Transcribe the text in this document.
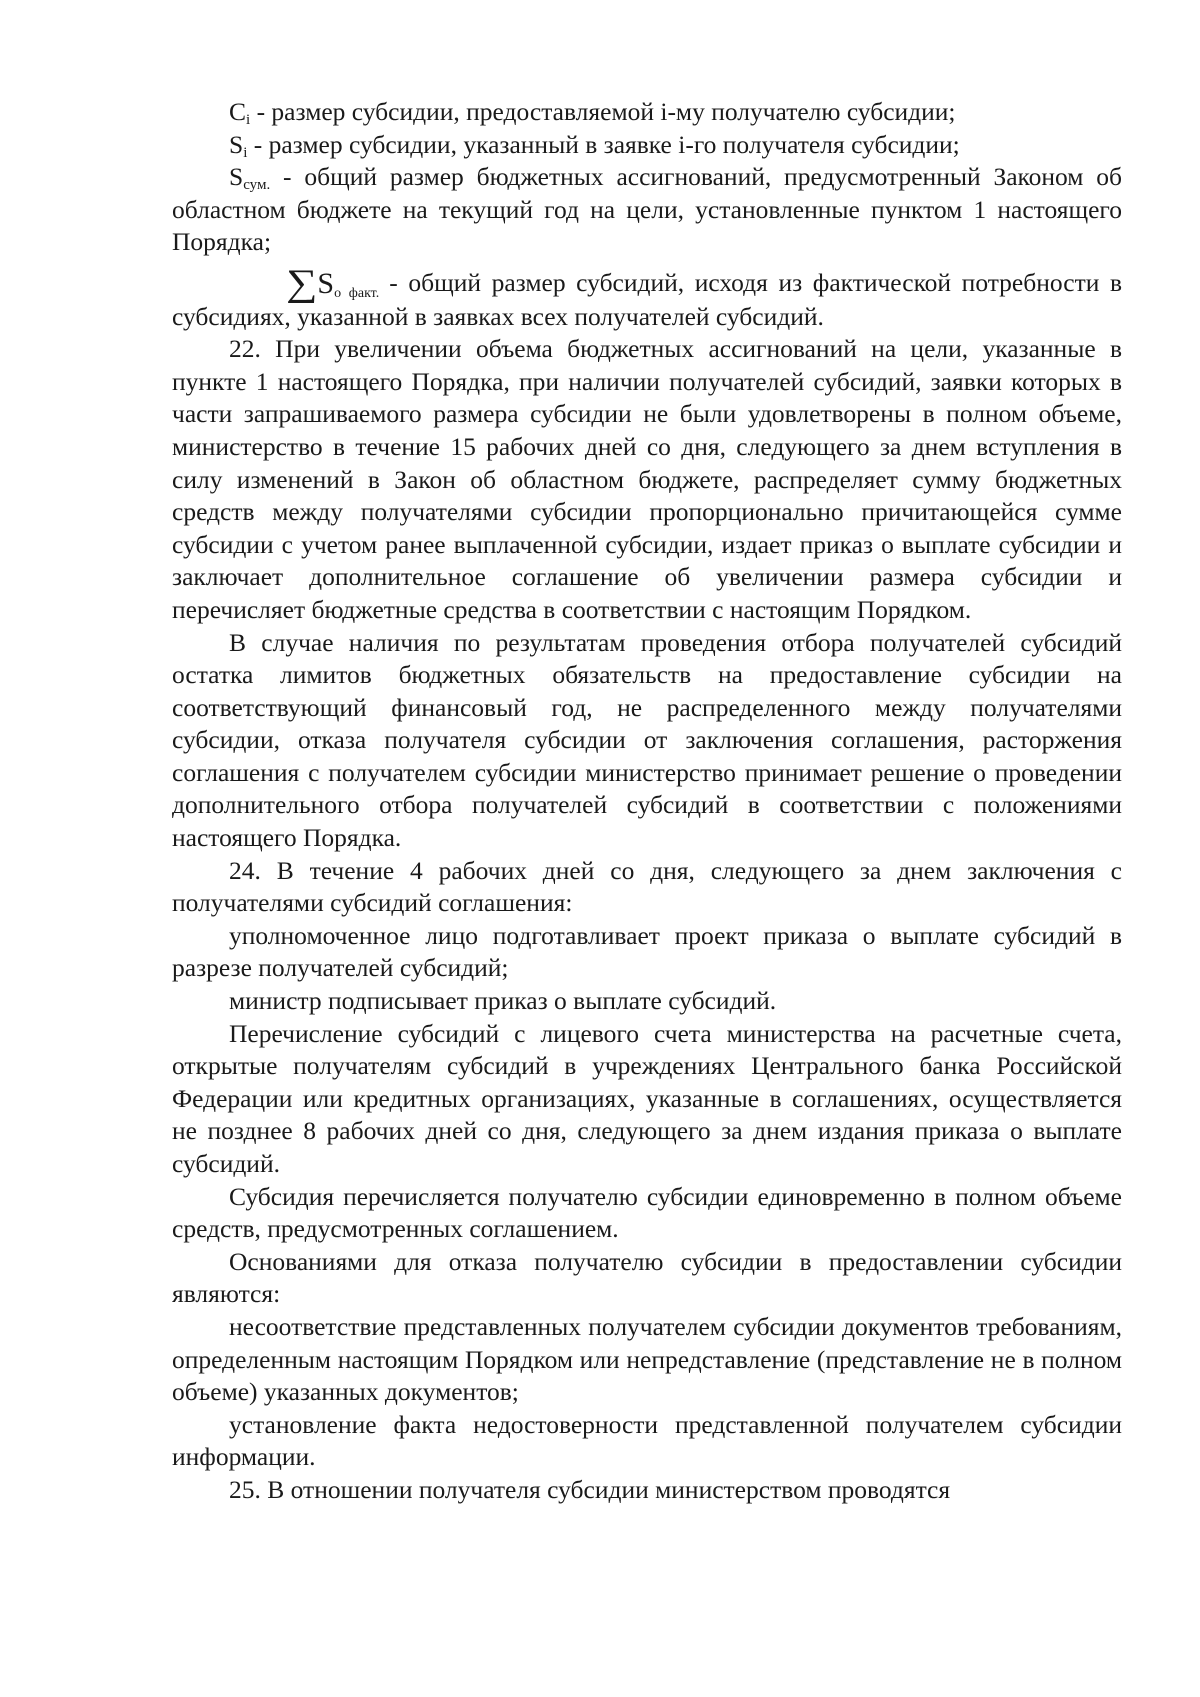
$C_i$ - размер субсидии, предоставляемой i-му получателю субсидии;

$S_i$ - размер субсидии, указанный в заявке i-го получателя субсидии;

$S_{сум.}$ - общий размер бюджетных ассигнований, предусмотренный Законом об областном бюджете на текущий год на цели, установленные пунктом 1 настоящего Порядка;

$\sum S_{о факт.}$ - общий размер субсидий, исходя из фактической потребности в субсидиях, указанной в заявках всех получателей субсидий.

22. При увеличении объема бюджетных ассигнований на цели, указанные в пункте 1 настоящего Порядка, при наличии получателей субсидий, заявки которых в части запрашиваемого размера субсидии не были удовлетворены в полном объеме, министерство в течение 15 рабочих дней со дня, следующего за днем вступления в силу изменений в Закон об областном бюджете, распределяет сумму бюджетных средств между получателями субсидии пропорционально причитающейся сумме субсидии с учетом ранее выплаченной субсидии, издает приказ о выплате субсидии и заключает дополнительное соглашение об увеличении размера субсидии и перечисляет бюджетные средства в соответствии с настоящим Порядком.

В случае наличия по результатам проведения отбора получателей субсидий остатка лимитов бюджетных обязательств на предоставление субсидии на соответствующий финансовый год, не распределенного между получателями субсидии, отказа получателя субсидии от заключения соглашения, расторжения соглашения с получателем субсидии министерство принимает решение о проведении дополнительного отбора получателей субсидий в соответствии с положениями настоящего Порядка.

24. В течение 4 рабочих дней со дня, следующего за днем заключения с получателями субсидий соглашения:

уполномоченное лицо подготавливает проект приказа о выплате субсидий в разрезе получателей субсидий;

министр подписывает приказ о выплате субсидий.

Перечисление субсидий с лицевого счета министерства на расчетные счета, открытые получателям субсидий в учреждениях Центрального банка Российской Федерации или кредитных организациях, указанные в соглашениях, осуществляется не позднее 8 рабочих дней со дня, следующего за днем издания приказа о выплате субсидий.

Субсидия перечисляется получателю субсидии единовременно в полном объеме средств, предусмотренных соглашением.

Основаниями для отказа получателю субсидии в предоставлении субсидии являются:

несоответствие представленных получателем субсидии документов требованиям, определенным настоящим Порядком или непредставление (представление не в полном объеме) указанных документов;

установление факта недостоверности представленной получателем субсидии информации.

25. В отношении получателя субсидии министерством проводятся
